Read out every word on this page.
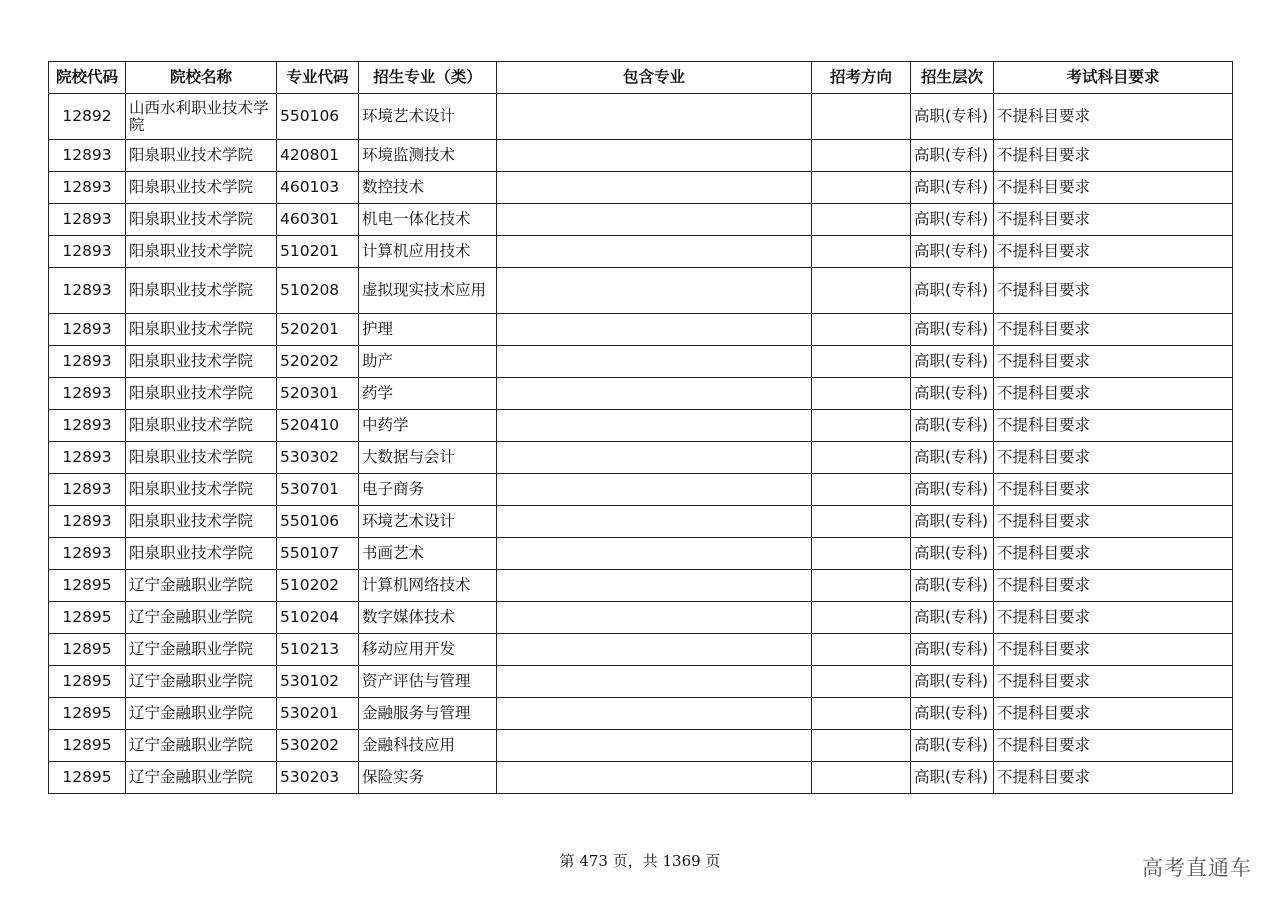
院校代码	院校名称	专业代码	招生专业（类）	包含专业	招考方向	招生层次	考试科目要求
12892	山西水利职业技术学院	550106	环境艺术设计			高职(专科)	不提科目要求
12893	阳泉职业技术学院	420801	环境监测技术			高职(专科)	不提科目要求
12893	阳泉职业技术学院	460103	数控技术			高职(专科)	不提科目要求
12893	阳泉职业技术学院	460301	机电一体化技术			高职(专科)	不提科目要求
12893	阳泉职业技术学院	510201	计算机应用技术			高职(专科)	不提科目要求
12893	阳泉职业技术学院	510208	虚拟现实技术应用			高职(专科)	不提科目要求
12893	阳泉职业技术学院	520201	护理			高职(专科)	不提科目要求
12893	阳泉职业技术学院	520202	助产			高职(专科)	不提科目要求
12893	阳泉职业技术学院	520301	药学			高职(专科)	不提科目要求
12893	阳泉职业技术学院	520410	中药学			高职(专科)	不提科目要求
12893	阳泉职业技术学院	530302	大数据与会计			高职(专科)	不提科目要求
12893	阳泉职业技术学院	530701	电子商务			高职(专科)	不提科目要求
12893	阳泉职业技术学院	550106	环境艺术设计			高职(专科)	不提科目要求
12893	阳泉职业技术学院	550107	书画艺术			高职(专科)	不提科目要求
12895	辽宁金融职业学院	510202	计算机网络技术			高职(专科)	不提科目要求
12895	辽宁金融职业学院	510204	数字媒体技术			高职(专科)	不提科目要求
12895	辽宁金融职业学院	510213	移动应用开发			高职(专科)	不提科目要求
12895	辽宁金融职业学院	530102	资产评估与管理			高职(专科)	不提科目要求
12895	辽宁金融职业学院	530201	金融服务与管理			高职(专科)	不提科目要求
12895	辽宁金融职业学院	530202	金融科技应用			高职(专科)	不提科目要求
12895	辽宁金融职业学院	530203	保险实务			高职(专科)	不提科目要求
第 473 页，共 1369 页	高考直通车
